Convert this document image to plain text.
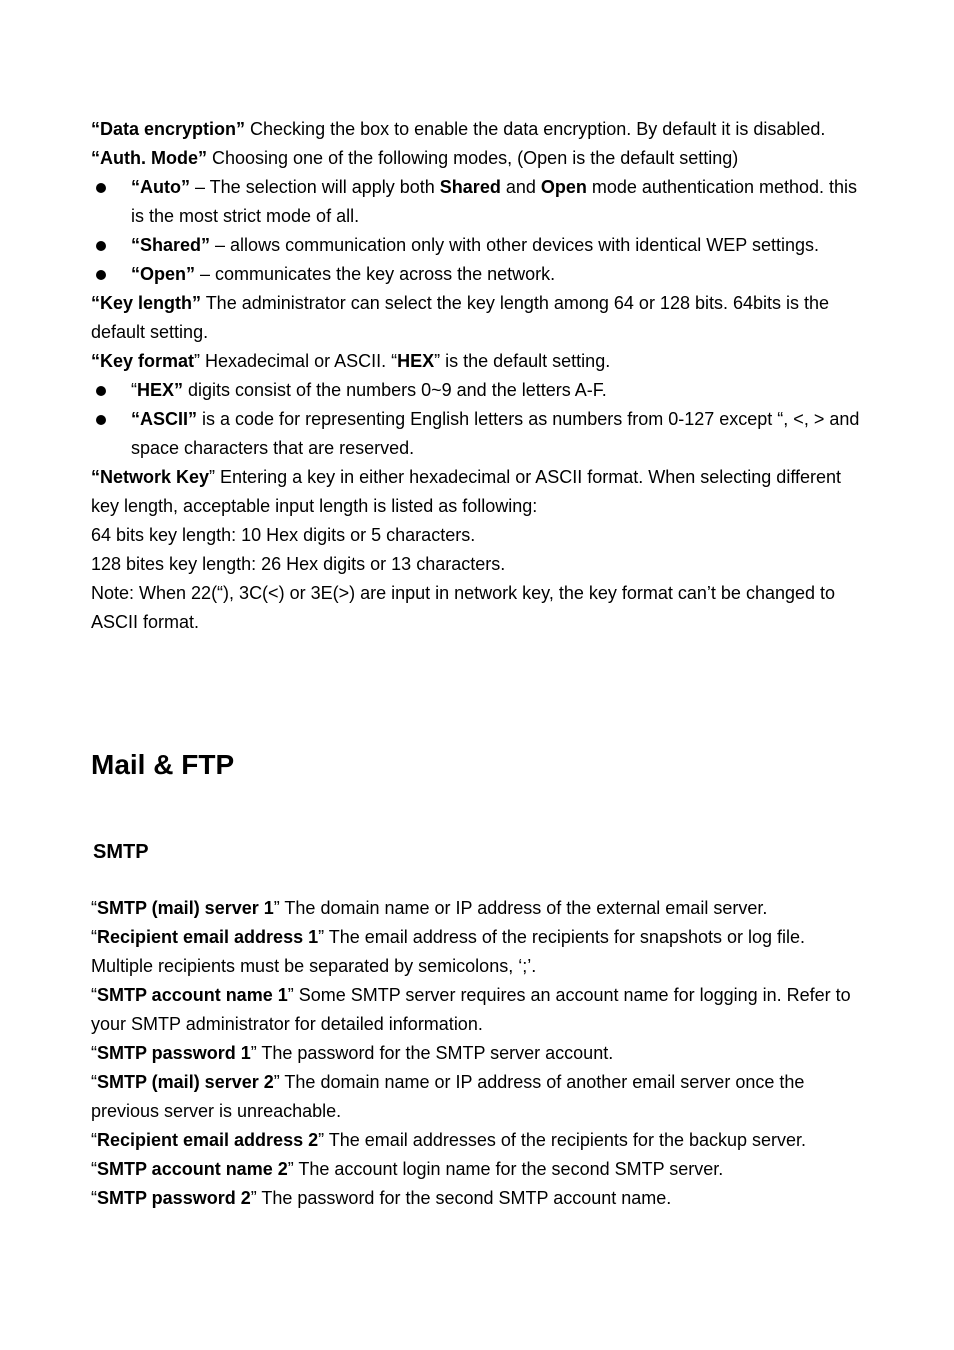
“Data encryption” Checking the box to enable the data encryption. By default it is disabled.

“Auth. Mode” Choosing one of the following modes, (Open is the default setting)

“Auto” – The selection will apply both Shared and Open mode authentication method. this is the most strict mode of all.

“Shared” – allows communication only with other devices with identical WEP settings.

“Open” – communicates the key across the network.

“Key length” The administrator can select the key length among 64 or 128 bits. 64bits is the default setting.

“Key format” Hexadecimal or ASCII. “HEX” is the default setting.

“HEX” digits consist of the numbers 0~9 and the letters A-F.

“ASCII” is a code for representing English letters as numbers from 0-127 except “, <, > and space characters that are reserved.

“Network Key” Entering a key in either hexadecimal or ASCII format. When selecting different key length, acceptable input length is listed as following:

64 bits key length: 10 Hex digits or 5 characters.

128 bites key length: 26 Hex digits or 13 characters.

Note: When 22(“), 3C(<) or 3E(>) are input in network key, the key format can’t be changed to ASCII format.

Mail & FTP
SMTP

“SMTP (mail) server 1” The domain name or IP address of the external email server.

“Recipient email address 1” The email address of the recipients for snapshots or log file. Multiple recipients must be separated by semicolons, ‘;’.

“SMTP account name 1” Some SMTP server requires an account name for logging in. Refer to your SMTP administrator for detailed information.

“SMTP password 1” The password for the SMTP server account.

“SMTP (mail) server 2” The domain name or IP address of another email server once the previous server is unreachable.

“Recipient email address 2” The email addresses of the recipients for the backup server.

“SMTP account name 2” The account login name for the second SMTP server.

“SMTP password 2” The password for the second SMTP account name.
